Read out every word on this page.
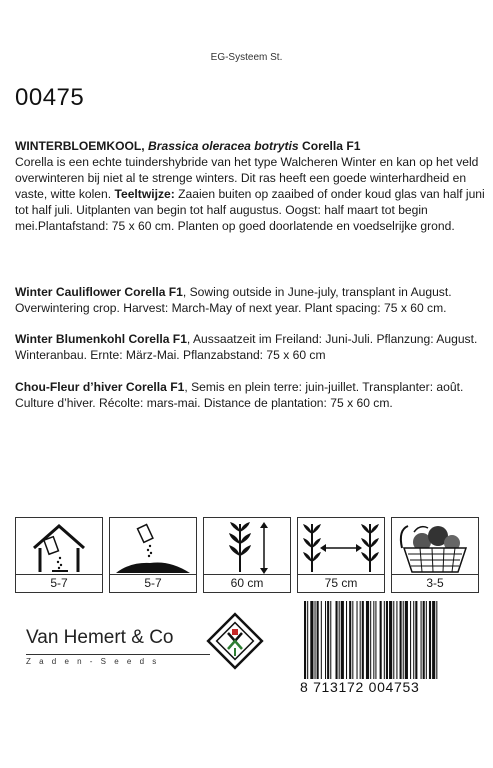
EG-Systeem St.
00475

WINTERBLOEMKOOL, Brassica oleracea botrytis Corella F1

Corella is een echte tuindershybride van het type Walcheren Winter en kan op het veld overwinteren bij niet al te strenge winters. Dit ras heeft een goede winterhardheid en vaste, witte kolen. Teeltwijze: Zaaien buiten op zaaibed of onder koud glas van half juni tot half juli. Uitplanten van begin tot half augustus. Oogst: half maart tot begin mei.Plantafstand: 75 x 60 cm. Planten op goed doorlatende en voedselrijke grond.

Winter Cauliflower Corella F1, Sowing outside in June-july, transplant in August. Overwintering crop. Harvest: March-May of next year. Plant spacing: 75 x 60 cm.

Winter Blumenkohl Corella F1, Aussaatzeit im Freiland: Juni-Juli. Pflanzung: August. Winteranbau. Ernte: März-Mai. Pflanzabstand: 75 x 60 cm

Chou-Fleur d’hiver Corella F1, Semis en plein terre: juin-juillet. Transplanter: août. Culture d’hiver. Récolte: mars-mai. Distance de plantation: 75 x 60 cm.

5-7	5-7	60 cm	75 cm	3-5
Van Hemert & Co
Z a d e n - S e e d s
8 713172 004753
